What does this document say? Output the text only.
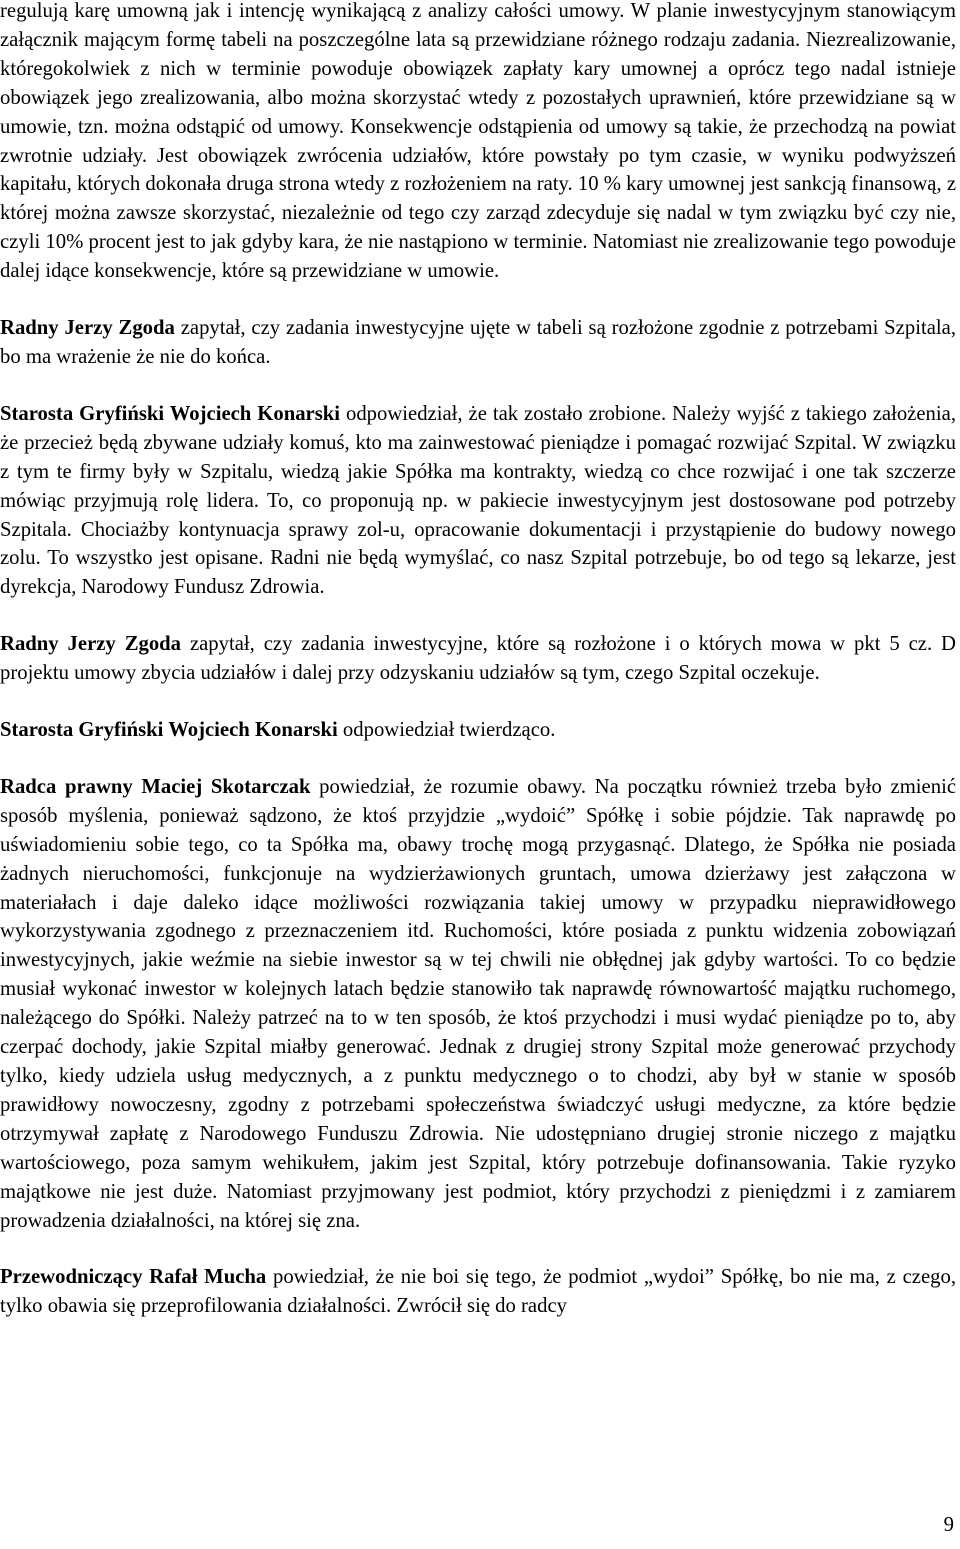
regulują karę umowną jak i intencję wynikającą z analizy całości umowy. W planie inwestycyjnym stanowiącym załącznik mającym formę tabeli na poszczególne lata są przewidziane różnego rodzaju zadania. Niezrealizowanie, któregokolwiek z nich w terminie powoduje obowiązek zapłaty kary umownej a oprócz tego nadal istnieje obowiązek jego zrealizowania, albo można skorzystać wtedy z pozostałych uprawnień, które przewidziane są w umowie, tzn. można odstąpić od umowy. Konsekwencje odstąpienia od umowy są takie, że przechodzą na powiat zwrotnie udziały. Jest obowiązek zwrócenia udziałów, które powstały po tym czasie, w wyniku podwyższeń kapitału, których dokonała druga strona wtedy z rozłożeniem na raty. 10 % kary umownej jest sankcją finansową, z której można zawsze skorzystać, niezależnie od tego czy zarząd zdecyduje się nadal w tym związku być czy nie, czyli 10% procent jest to jak gdyby kara, że nie nastąpiono w terminie. Natomiast nie zrealizowanie tego powoduje dalej idące konsekwencje, które są przewidziane w umowie.

Radny Jerzy Zgoda zapytał, czy zadania inwestycyjne ujęte w tabeli są rozłożone zgodnie z potrzebami Szpitala, bo ma wrażenie że nie do końca.

Starosta Gryfiński Wojciech Konarski odpowiedział, że tak zostało zrobione. Należy wyjść z takiego założenia, że przecież będą zbywane udziały komuś, kto ma zainwestować pieniądze i pomagać rozwijać Szpital. W związku z tym te firmy były w Szpitalu, wiedzą jakie Spółka ma kontrakty, wiedzą co chce rozwijać i one tak szczerze mówiąc przyjmują rolę lidera. To, co proponują np. w pakiecie inwestycyjnym jest dostosowane pod potrzeby Szpitala. Chociażby kontynuacja sprawy zol-u, opracowanie dokumentacji i przystąpienie do budowy nowego zolu. To wszystko jest opisane. Radni nie będą wymyślać, co nasz Szpital potrzebuje, bo od tego są lekarze, jest dyrekcja, Narodowy Fundusz Zdrowia.

Radny Jerzy Zgoda zapytał, czy zadania inwestycyjne, które są rozłożone i o których mowa w pkt 5 cz. D projektu umowy zbycia udziałów i dalej przy odzyskaniu udziałów są tym, czego Szpital oczekuje.

Starosta Gryfiński Wojciech Konarski odpowiedział twierdząco.

Radca prawny Maciej Skotarczak powiedział, że rozumie obawy. Na początku również trzeba było zmienić sposób myślenia, ponieważ sądzono, że ktoś przyjdzie „wydoić” Spółkę i sobie pójdzie. Tak naprawdę po uświadomieniu sobie tego, co ta Spółka ma, obawy trochę mogą przygasnąć. Dlatego, że Spółka nie posiada żadnych nieruchomości, funkcjonuje na wydzierżawionych gruntach, umowa dzierżawy jest załączona w materiałach i daje daleko idące możliwości rozwiązania takiej umowy w przypadku nieprawidłowego wykorzystywania zgodnego z przeznaczeniem itd. Ruchomości, które posiada z punktu widzenia zobowiązań inwestycyjnych, jakie weźmie na siebie inwestor są w tej chwili nie obłędnej jak gdyby wartości. To co będzie musiał wykonać inwestor w kolejnych latach będzie stanowiło tak naprawdę równowartość majątku ruchomego, należącego do Spółki. Należy patrzeć na to w ten sposób, że ktoś przychodzi i musi wydać pieniądze po to, aby czerpać dochody, jakie Szpital miałby generować. Jednak z drugiej strony Szpital może generować przychody tylko, kiedy udziela usług medycznych, a z punktu medycznego o to chodzi, aby był w stanie w sposób prawidłowy nowoczesny, zgodny z potrzebami społeczeństwa świadczyć usługi medyczne, za które będzie otrzymywał zapłatę z Narodowego Funduszu Zdrowia. Nie udostępniano drugiej stronie niczego z majątku wartościowego, poza samym wehikułem, jakim jest Szpital, który potrzebuje dofinansowania. Takie ryzyko majątkowe nie jest duże. Natomiast przyjmowany jest podmiot, który przychodzi z pieniędzmi i z zamiarem prowadzenia działalności, na której się zna.

Przewodniczący Rafał Mucha powiedział, że nie boi się tego, że podmiot „wydoi” Spółkę, bo nie ma, z czego, tylko obawia się przeprofilowania działalności. Zwrócił się do radcy

9
